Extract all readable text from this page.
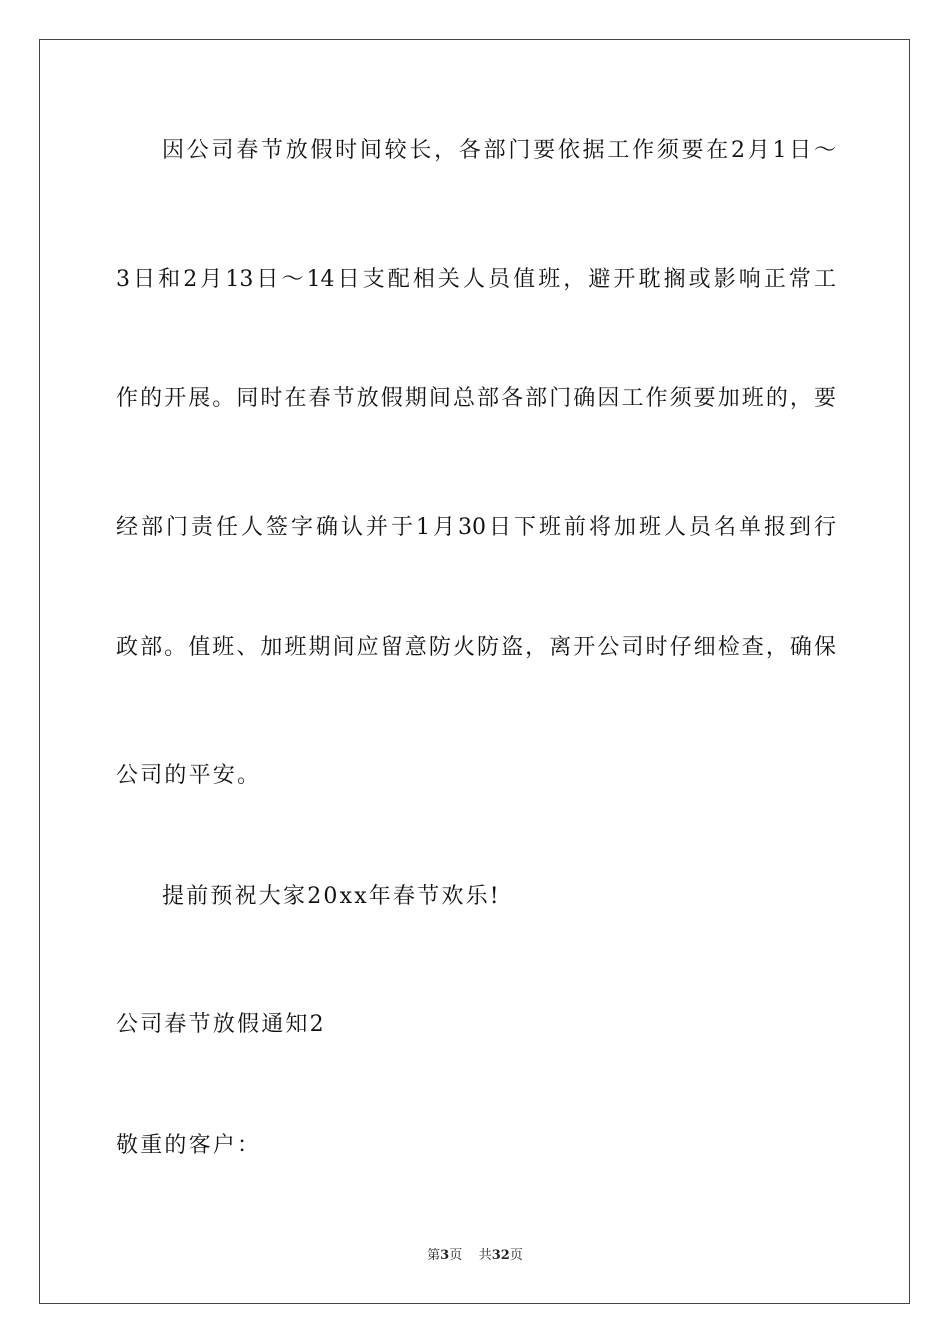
因公司春节放假时间较长，各部门要依据工作须要在2月1日～
3日和2月13日～14日支配相关人员值班，避开耽搁或影响正常工
作的开展。同时在春节放假期间总部各部门确因工作须要加班的，要
经部门责任人签字确认并于1月30日下班前将加班人员名单报到行
政部。值班、加班期间应留意防火防盗，离开公司时仔细检查，确保
公司的平安。
提前预祝大家20xx年春节欢乐!
公司春节放假通知2
敬重的客户：
第3页 共32页
